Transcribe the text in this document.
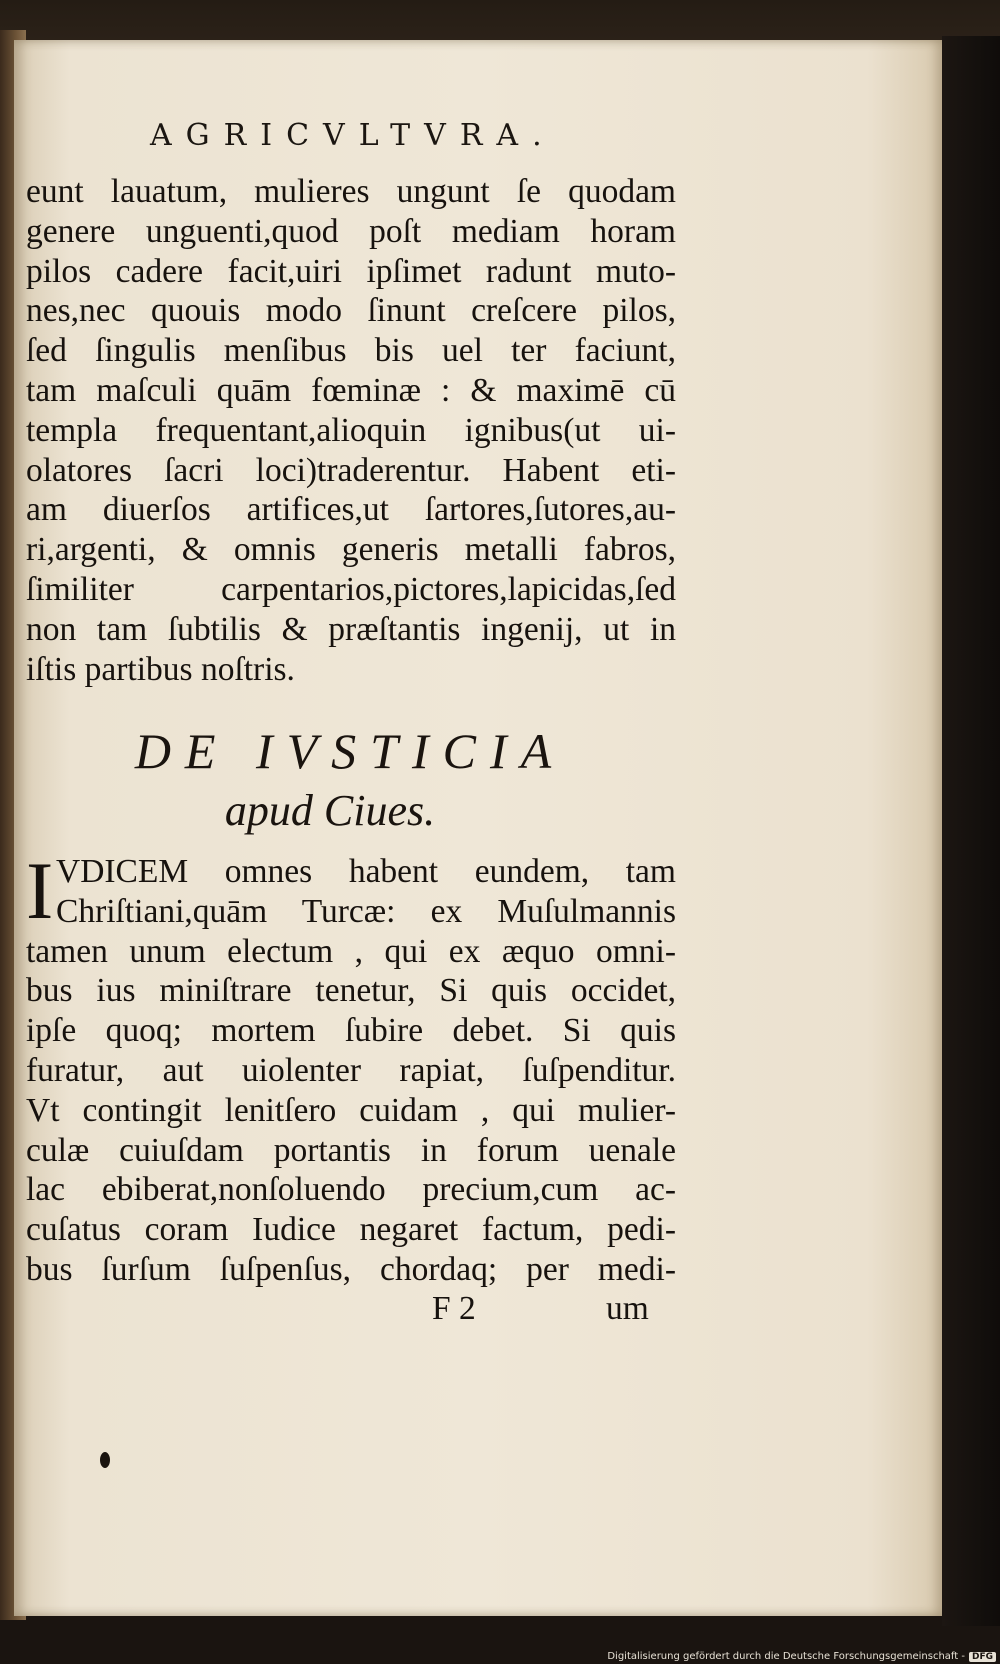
AGRICVLTVRA.
eunt lauatum, mulieres ungunt ſe quodam
genere unguenti,quod poſt mediam horam
pilos cadere facit,uiri ipſimet radunt muto-
nes,nec quouis modo ſinunt creſcere pilos,
ſed ſingulis menſibus bis uel ter faciunt,
tam maſculi quām fœminæ : & maximē cū
templa frequentant,alioquin ignibus(ut ui-
olatores ſacri loci)traderentur. Habent eti-
am diuerſos artifices,ut ſartores,ſutores,au-
ri,argenti, & omnis generis metalli fabros,
ſimiliter carpentarios,pictores,lapicidas,ſed
non tam ſubtilis & præſtantis ingenij, ut in
iſtis partibus noſtris.
DE IVSTICIA
apud Ciues.
I VDICEM omnes habent eundem, tam
Chriſtiani,quām Turcæ: ex Muſulmannis
tamen unum electum , qui ex æquo omni-
bus ius miniſtrare tenetur, Si quis occidet,
ipſe quoq; mortem ſubire debet. Si quis
furatur, aut uiolenter rapiat, ſuſpenditur.
Vt contingit lenitſero cuidam , qui mulier-
culæ cuiuſdam portantis in forum uenale
lac ebiberat,nonſoluendo precium,cum ac-
cuſatus coram Iudice negaret factum, pedi-
bus ſurſum ſuſpenſus, chordaq; per medi-
F 2	um
Digitalisierung gefördert durch die Deutsche Forschungsgemeinschaft - DFG
